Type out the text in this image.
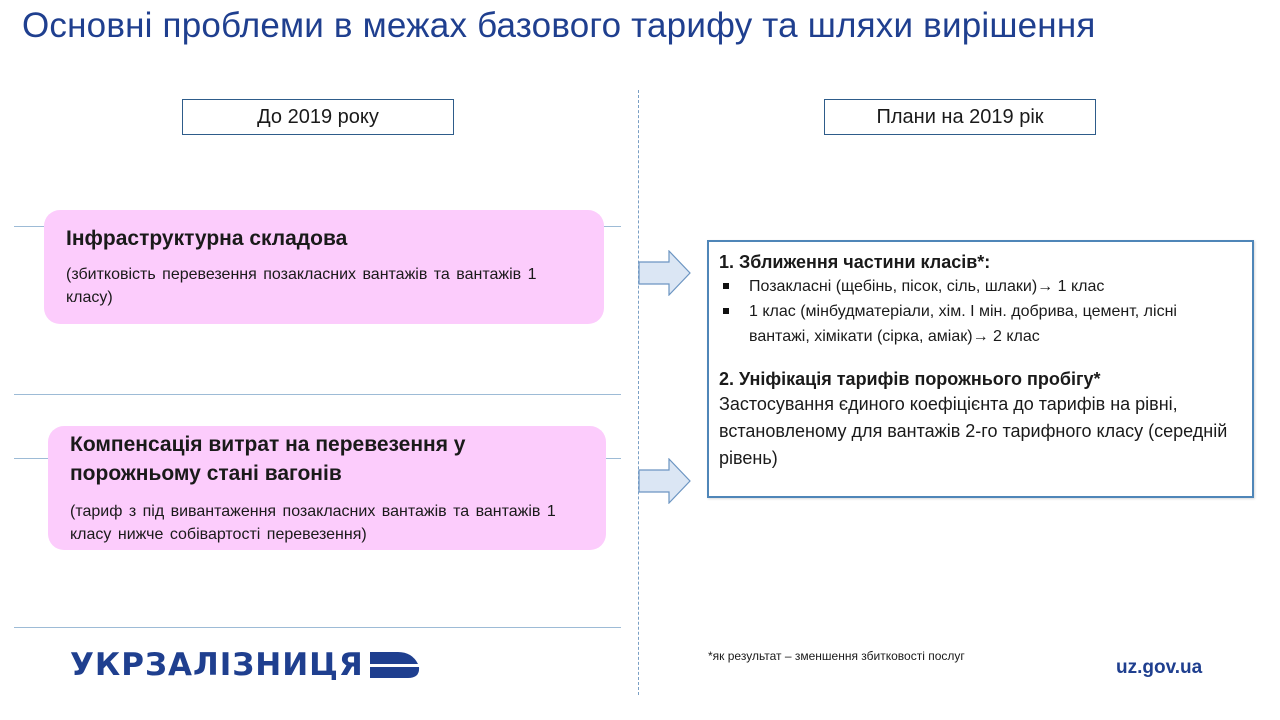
Основні проблеми в межах базового тарифу та шляхи вирішення
До 2019 року	Плани на 2019 рік
Інфраструктурна складова
(збитковість перевезення позакласних вантажів та вантажів 1 класу)
Компенсація витрат на перевезення у порожньому стані вагонів
(тариф з під вивантаження позакласних вантажів та вантажів 1 класу нижче собівартості перевезення)
1. Зближення частини класів*:
Позакласні (щебінь, пісок, сіль, шлаки)→ 1 клас
1 клас (мінбудматеріали, хім. І мін. добрива, цемент, лісні вантажі, хімікати (сірка, аміак)→ 2 клас
2. Уніфікація тарифів порожнього пробігу*
Застосування єдиного коефіцієнта до тарифів на рівні, встановленому для вантажів 2-го тарифного класу (середній рівень)
*як результат – зменшення збитковості послуг
УКРЗАЛІЗНИЦЯ	uz.gov.ua
